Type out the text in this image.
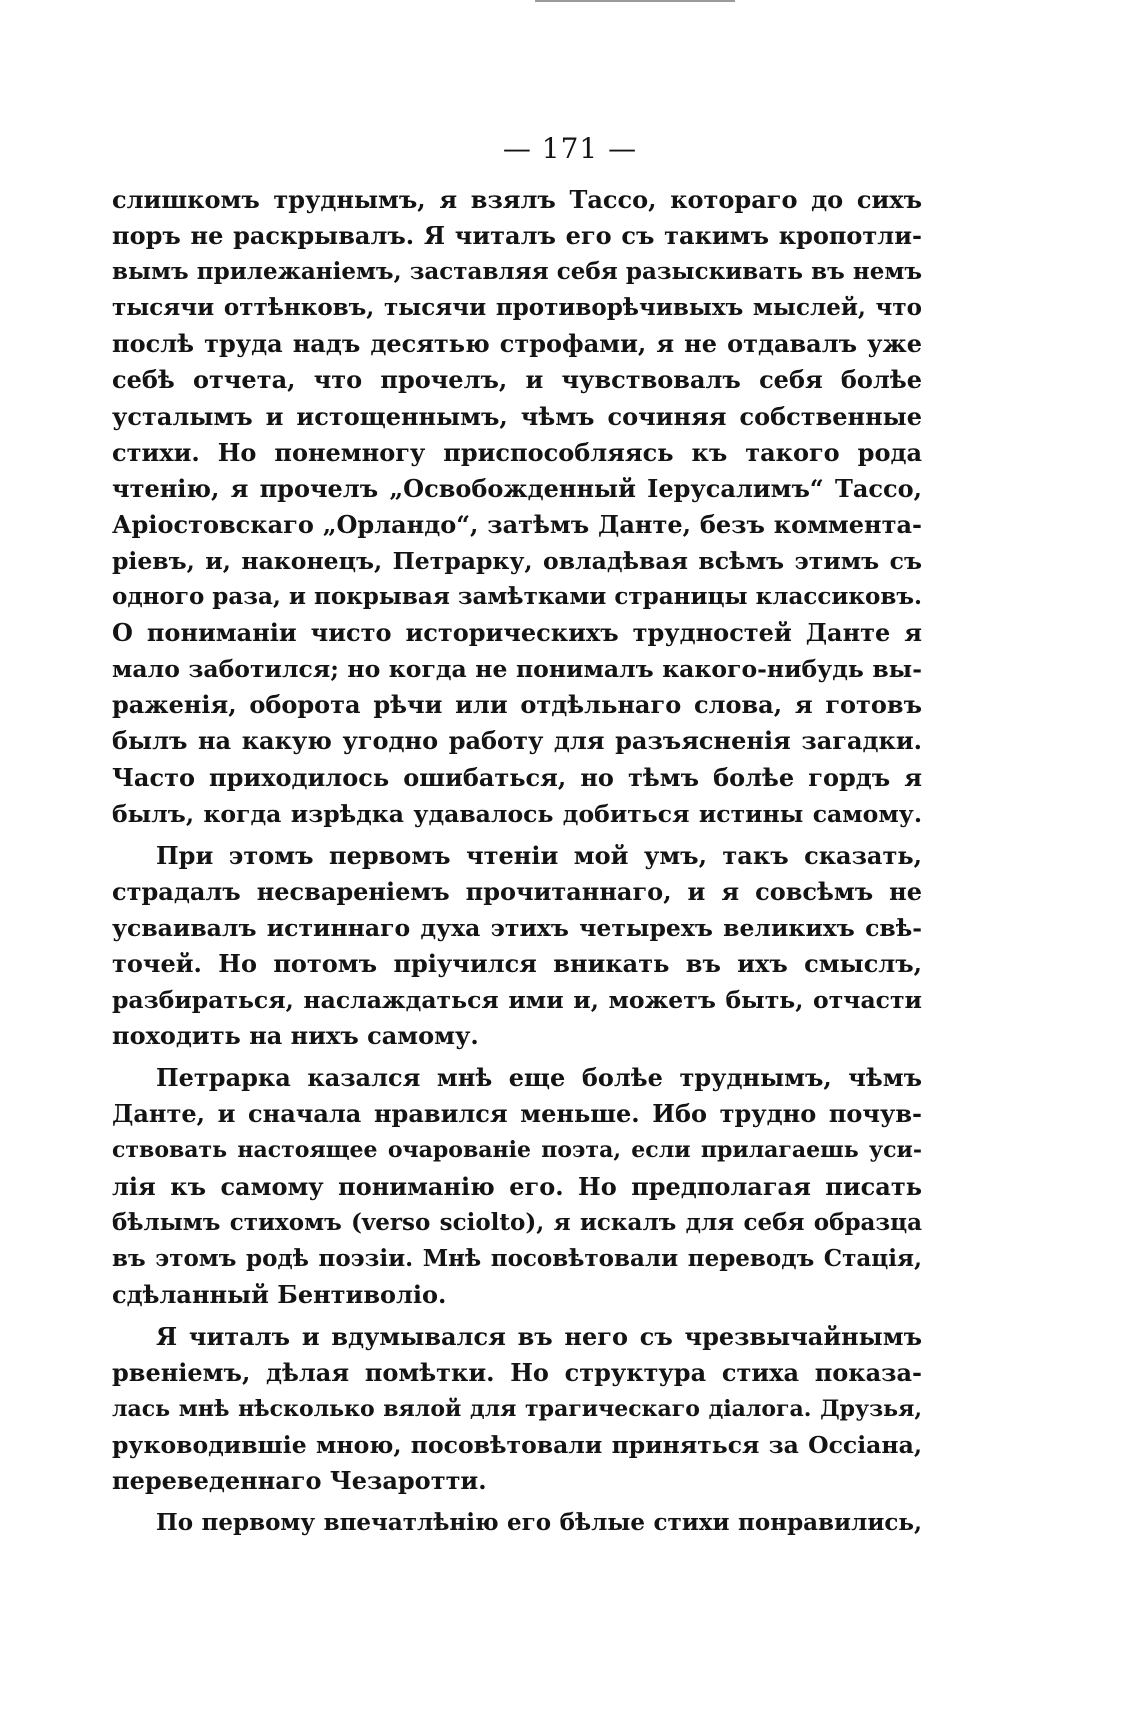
— 171 —
слишкомъ труднымъ, я взялъ Тассо, котораго до сихъ
поръ не раскрывалъ. Я читалъ его съ такимъ кропотли-
вымъ прилежаніемъ, заставляя себя разыскивать въ немъ
тысячи оттѣнковъ, тысячи противорѣчивыхъ мыслей, что
послѣ труда надъ десятью строфами, я не отдавалъ уже
себѣ отчета, что прочелъ, и чувствовалъ себя болѣе
усталымъ и истощеннымъ, чѣмъ сочиняя собственные
стихи. Но понемногу приспособляясь къ такого рода
чтенію, я прочелъ „Освобожденный Іерусалимъ“ Тассо,
Аріостовскаго „Орландо“, затѣмъ Данте, безъ коммента-
ріевъ, и, наконецъ, Петрарку, овладѣвая всѣмъ этимъ съ
одного раза, и покрывая замѣтками страницы классиковъ.
О пониманіи чисто историческихъ трудностей Данте я
мало заботился; но когда не понималъ какого-нибудь вы-
раженія, оборота рѣчи или отдѣльнаго слова, я готовъ
былъ на какую угодно работу для разъясненія загадки.
Часто приходилось ошибаться, но тѣмъ болѣе гордъ я
былъ, когда изрѣдка удавалось добиться истины самому.
При этомъ первомъ чтеніи мой умъ, такъ сказать,
страдалъ несвареніемъ прочитаннаго, и я совсѣмъ не
усваивалъ истиннаго духа этихъ четырехъ великихъ свѣ-
точей. Но потомъ пріучился вникать въ ихъ смыслъ,
разбираться, наслаждаться ими и, можетъ быть, отчасти
походить на нихъ самому.
Петрарка казался мнѣ еще болѣе труднымъ, чѣмъ
Данте, и сначала нравился меньше. Ибо трудно почув-
ствовать настоящее очарованіе поэта, если прилагаешь уси-
лія къ самому пониманію его. Но предполагая писать
бѣлымъ стихомъ (verso sciolto), я искалъ для себя образца
въ этомъ родѣ поэзіи. Мнѣ посовѣтовали переводъ Стація,
сдѣланный Бентиволіо.
Я читалъ и вдумывался въ него съ чрезвычайнымъ
рвеніемъ, дѣлая помѣтки. Но структура стиха показа-
лась мнѣ нѣсколько вялой для трагическаго діалога. Друзья,
руководившіе мною, посовѣтовали приняться за Оссіана,
переведеннаго Чезаротти.
По первому впечатлѣнію его бѣлые стихи понравились,
